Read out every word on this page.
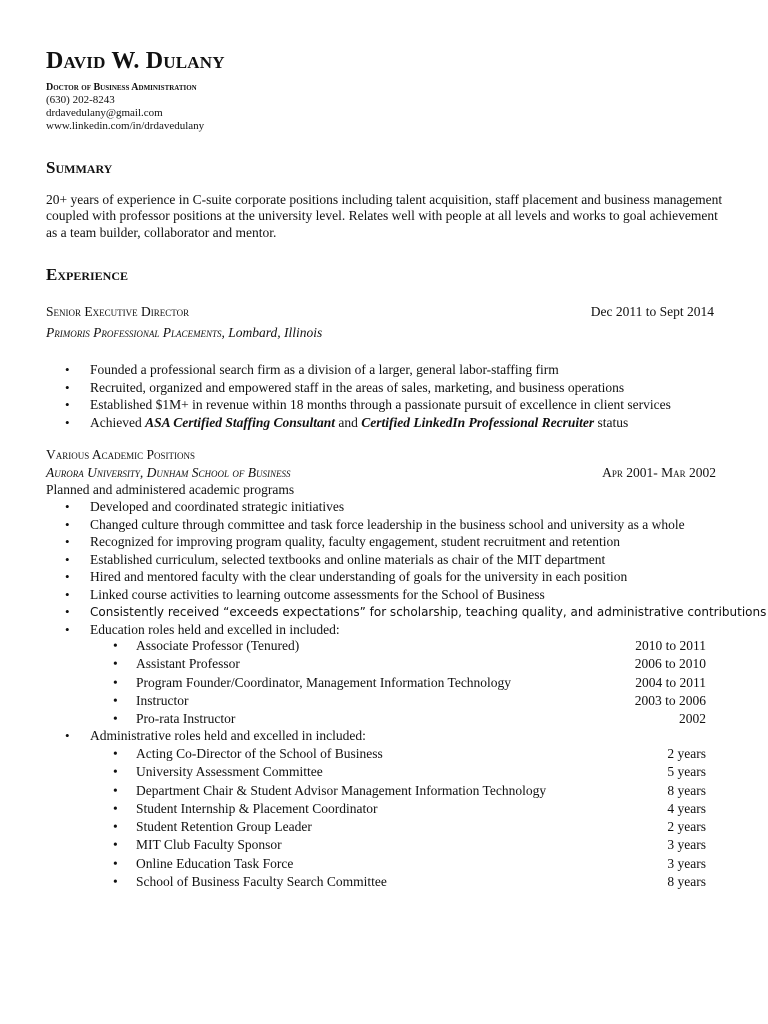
David W. Dulany
Doctor of Business Administration
(630) 202-8243
drdavedulany@gmail.com
www.linkedin.com/in/drdavedulany
Summary

20+ years of experience in C-suite corporate positions including talent acquisition, staff placement and business management coupled with professor positions at the university level. Relates well with people at all levels and works to goal achievement as a team builder, collaborator and mentor.

Experience
Senior Executive Director	Dec 2011 to Sept 2014
Primoris Professional Placements, Lombard, Illinois
• Founded a professional search firm as a division of a larger, general labor-staffing firm
• Recruited, organized and empowered staff in the areas of sales, marketing, and business operations
• Established $1M+ in revenue within 18 months through a passionate pursuit of excellence in client services
• Achieved ASA Certified Staffing Consultant and Certified LinkedIn Professional Recruiter status
Various Academic Positions
Aurora University, Dunham School of Business	Apr 2001- Mar 2002
Planned and administered academic programs
• Developed and coordinated strategic initiatives
• Changed culture through committee and task force leadership in the business school and university as a whole
• Recognized for improving program quality, faculty engagement, student recruitment and retention
• Established curriculum, selected textbooks and online materials as chair of the MIT department
• Hired and mentored faculty with the clear understanding of goals for the university in each position
• Linked course activities to learning outcome assessments for the School of Business
• Consistently received “exceeds expectations” for scholarship, teaching quality, and administrative contributions
• Education roles held and excelled in included:
• Associate Professor (Tenured)	2010 to 2011
• Assistant Professor	2006 to 2010
• Program Founder/Coordinator, Management Information Technology	2004 to 2011
• Instructor	2003 to 2006
• Pro-rata Instructor	2002
• Administrative roles held and excelled in included:
• Acting Co-Director of the School of Business	2 years
• University Assessment Committee	5 years
• Department Chair & Student Advisor Management Information Technology	8 years
• Student Internship & Placement Coordinator	4 years
• Student Retention Group Leader	2 years
• MIT Club Faculty Sponsor	3 years
• Online Education Task Force	3 years
• School of Business Faculty Search Committee	8 years
